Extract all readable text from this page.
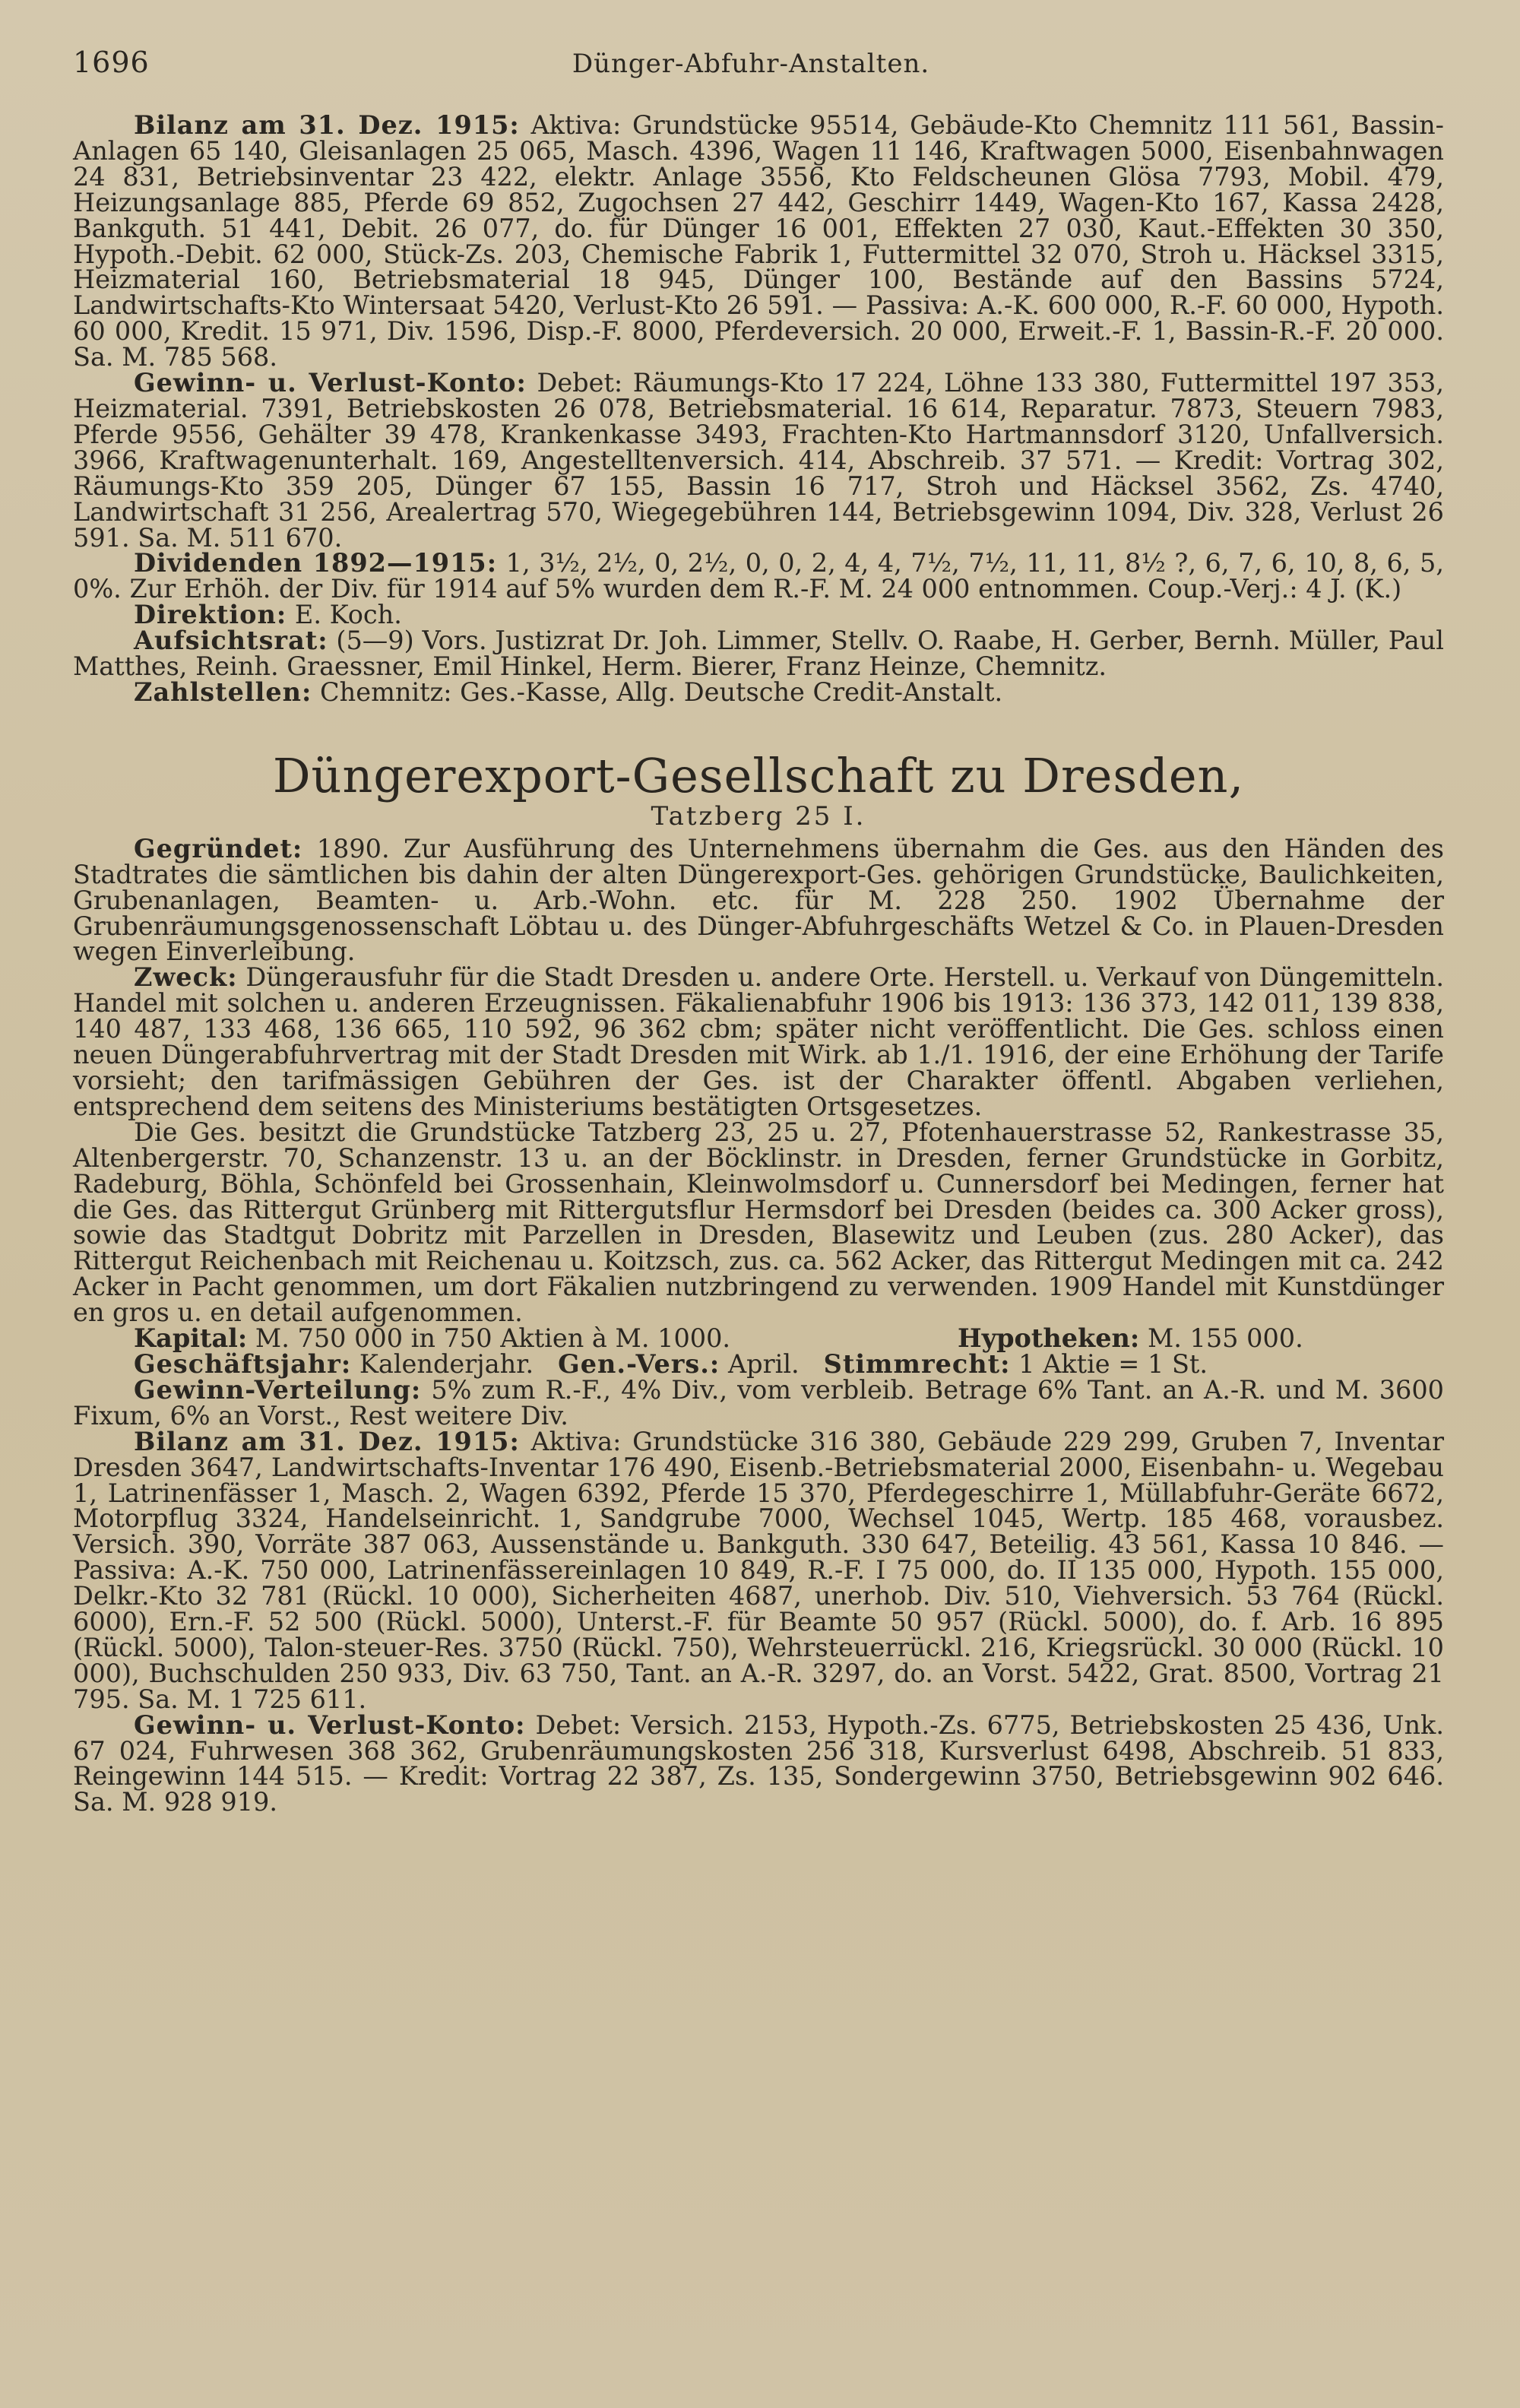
1696	Dünger-Abfuhr-Anstalten.

Bilanz am 31. Dez. 1915: Aktiva: Grundstücke 95514, Gebäude-Kto Chemnitz 111 561, Bassin-Anlagen 65 140, Gleisanlagen 25 065, Masch. 4396, Wagen 11 146, Kraftwagen 5000, Eisenbahnwagen 24 831, Betriebsinventar 23 422, elektr. Anlage 3556, Kto Feldscheunen Glösa 7793, Mobil. 479, Heizungsanlage 885, Pferde 69 852, Zugochsen 27 442, Geschirr 1449, Wagen-Kto 167, Kassa 2428, Bankguth. 51 441, Debit. 26 077, do. für Dünger 16 001, Effekten 27 030, Kaut.-Effekten 30 350, Hypoth.-Debit. 62 000, Stück-Zs. 203, Chemische Fabrik 1, Futtermittel 32 070, Stroh u. Häcksel 3315, Heizmaterial 160, Betriebsmaterial 18 945, Dünger 100, Bestände auf den Bassins 5724, Landwirtschafts-Kto Wintersaat 5420, Verlust-Kto 26 591. — Passiva: A.-K. 600 000, R.-F. 60 000, Hypoth. 60 000, Kredit. 15 971, Div. 1596, Disp.-F. 8000, Pferdeversich. 20 000, Erweit.-F. 1, Bassin-R.-F. 20 000. Sa. M. 785 568.

Gewinn- u. Verlust-Konto: Debet: Räumungs-Kto 17 224, Löhne 133 380, Futtermittel 197 353, Heizmaterial. 7391, Betriebskosten 26 078, Betriebsmaterial. 16 614, Reparatur. 7873, Steuern 7983, Pferde 9556, Gehälter 39 478, Krankenkasse 3493, Frachten-Kto Hartmannsdorf 3120, Unfallversich. 3966, Kraftwagenunterhalt. 169, Angestelltenversich. 414, Abschreib. 37 571. — Kredit: Vortrag 302, Räumungs-Kto 359 205, Dünger 67 155, Bassin 16 717, Stroh und Häcksel 3562, Zs. 4740, Landwirtschaft 31 256, Arealertrag 570, Wiegegebühren 144, Betriebsgewinn 1094, Div. 328, Verlust 26 591. Sa. M. 511 670.

Dividenden 1892—1915: 1, 3½, 2½, 0, 2½, 0, 0, 2, 4, 4, 7½, 7½, 11, 11, 8½ ?, 6, 7, 6, 10, 8, 6, 5, 0%. Zur Erhöh. der Div. für 1914 auf 5% wurden dem R.-F. M. 24 000 entnommen. Coup.-Verj.: 4 J. (K.)

Direktion: E. Koch.

Aufsichtsrat: (5—9) Vors. Justizrat Dr. Joh. Limmer, Stellv. O. Raabe, H. Gerber, Bernh. Müller, Paul Matthes, Reinh. Graessner, Emil Hinkel, Herm. Bierer, Franz Heinze, Chemnitz.

Zahlstellen: Chemnitz: Ges.-Kasse, Allg. Deutsche Credit-Anstalt.

Düngerexport-Gesellschaft zu Dresden,
Tatzberg 25 I.

Gegründet: 1890. Zur Ausführung des Unternehmens übernahm die Ges. aus den Händen des Stadtrates die sämtlichen bis dahin der alten Düngerexport-Ges. gehörigen Grundstücke, Baulichkeiten, Grubenanlagen, Beamten- u. Arb.-Wohn. etc. für M. 228 250. 1902 Übernahme der Grubenräumungsgenossenschaft Löbtau u. des Dünger-Abfuhrgeschäfts Wetzel & Co. in Plauen-Dresden wegen Einverleibung.

Zweck: Düngerausfuhr für die Stadt Dresden u. andere Orte. Herstell. u. Verkauf von Düngemitteln. Handel mit solchen u. anderen Erzeugnissen. Fäkalienabfuhr 1906 bis 1913: 136 373, 142 011, 139 838, 140 487, 133 468, 136 665, 110 592, 96 362 cbm; später nicht veröffentlicht. Die Ges. schloss einen neuen Düngerabfuhrvertrag mit der Stadt Dresden mit Wirk. ab 1./1. 1916, der eine Erhöhung der Tarife vorsieht; den tarifmässigen Gebühren der Ges. ist der Charakter öffentl. Abgaben verliehen, entsprechend dem seitens des Ministeriums bestätigten Ortsgesetzes.

Die Ges. besitzt die Grundstücke Tatzberg 23, 25 u. 27, Pfotenhauerstrasse 52, Rankestrasse 35, Altenbergerstr. 70, Schanzenstr. 13 u. an der Böcklinstr. in Dresden, ferner Grundstücke in Gorbitz, Radeburg, Böhla, Schönfeld bei Grossenhain, Kleinwolmsdorf u. Cunnersdorf bei Medingen, ferner hat die Ges. das Rittergut Grünberg mit Rittergutsflur Hermsdorf bei Dresden (beides ca. 300 Acker gross), sowie das Stadtgut Dobritz mit Parzellen in Dresden, Blasewitz und Leuben (zus. 280 Acker), das Rittergut Reichenbach mit Reichenau u. Koitzsch, zus. ca. 562 Acker, das Rittergut Medingen mit ca. 242 Acker in Pacht genommen, um dort Fäkalien nutzbringend zu verwenden. 1909 Handel mit Kunstdünger en gros u. en detail aufgenommen.

Kapital: M. 750 000 in 750 Aktien à M. 1000.	Hypotheken: M. 155 000.

Geschäftsjahr: Kalenderjahr. Gen.-Vers.: April. Stimmrecht: 1 Aktie = 1 St.

Gewinn-Verteilung: 5% zum R.-F., 4% Div., vom verbleib. Betrage 6% Tant. an A.-R. und M. 3600 Fixum, 6% an Vorst., Rest weitere Div.

Bilanz am 31. Dez. 1915: Aktiva: Grundstücke 316 380, Gebäude 229 299, Gruben 7, Inventar Dresden 3647, Landwirtschafts-Inventar 176 490, Eisenb.-Betriebsmaterial 2000, Eisenbahn- u. Wegebau 1, Latrinenfässer 1, Masch. 2, Wagen 6392, Pferde 15 370, Pferdegeschirre 1, Müllabfuhr-Geräte 6672, Motorpflug 3324, Handelseinricht. 1, Sandgrube 7000, Wechsel 1045, Wertp. 185 468, vorausbez. Versich. 390, Vorräte 387 063, Aussenstände u. Bankguth. 330 647, Beteilig. 43 561, Kassa 10 846. — Passiva: A.-K. 750 000, Latrinenfässereinlagen 10 849, R.-F. I 75 000, do. II 135 000, Hypoth. 155 000, Delkr.-Kto 32 781 (Rückl. 10 000), Sicherheiten 4687, unerhob. Div. 510, Viehversich. 53 764 (Rückl. 6000), Ern.-F. 52 500 (Rückl. 5000), Unterst.-F. für Beamte 50 957 (Rückl. 5000), do. f. Arb. 16 895 (Rückl. 5000), Talon-steuer-Res. 3750 (Rückl. 750), Wehrsteuerrückl. 216, Kriegsrückl. 30 000 (Rückl. 10 000), Buchschulden 250 933, Div. 63 750, Tant. an A.-R. 3297, do. an Vorst. 5422, Grat. 8500, Vortrag 21 795. Sa. M. 1 725 611.

Gewinn- u. Verlust-Konto: Debet: Versich. 2153, Hypoth.-Zs. 6775, Betriebskosten 25 436, Unk. 67 024, Fuhrwesen 368 362, Grubenräumungskosten 256 318, Kursverlust 6498, Abschreib. 51 833, Reingewinn 144 515. — Kredit: Vortrag 22 387, Zs. 135, Sondergewinn 3750, Betriebsgewinn 902 646. Sa. M. 928 919.
